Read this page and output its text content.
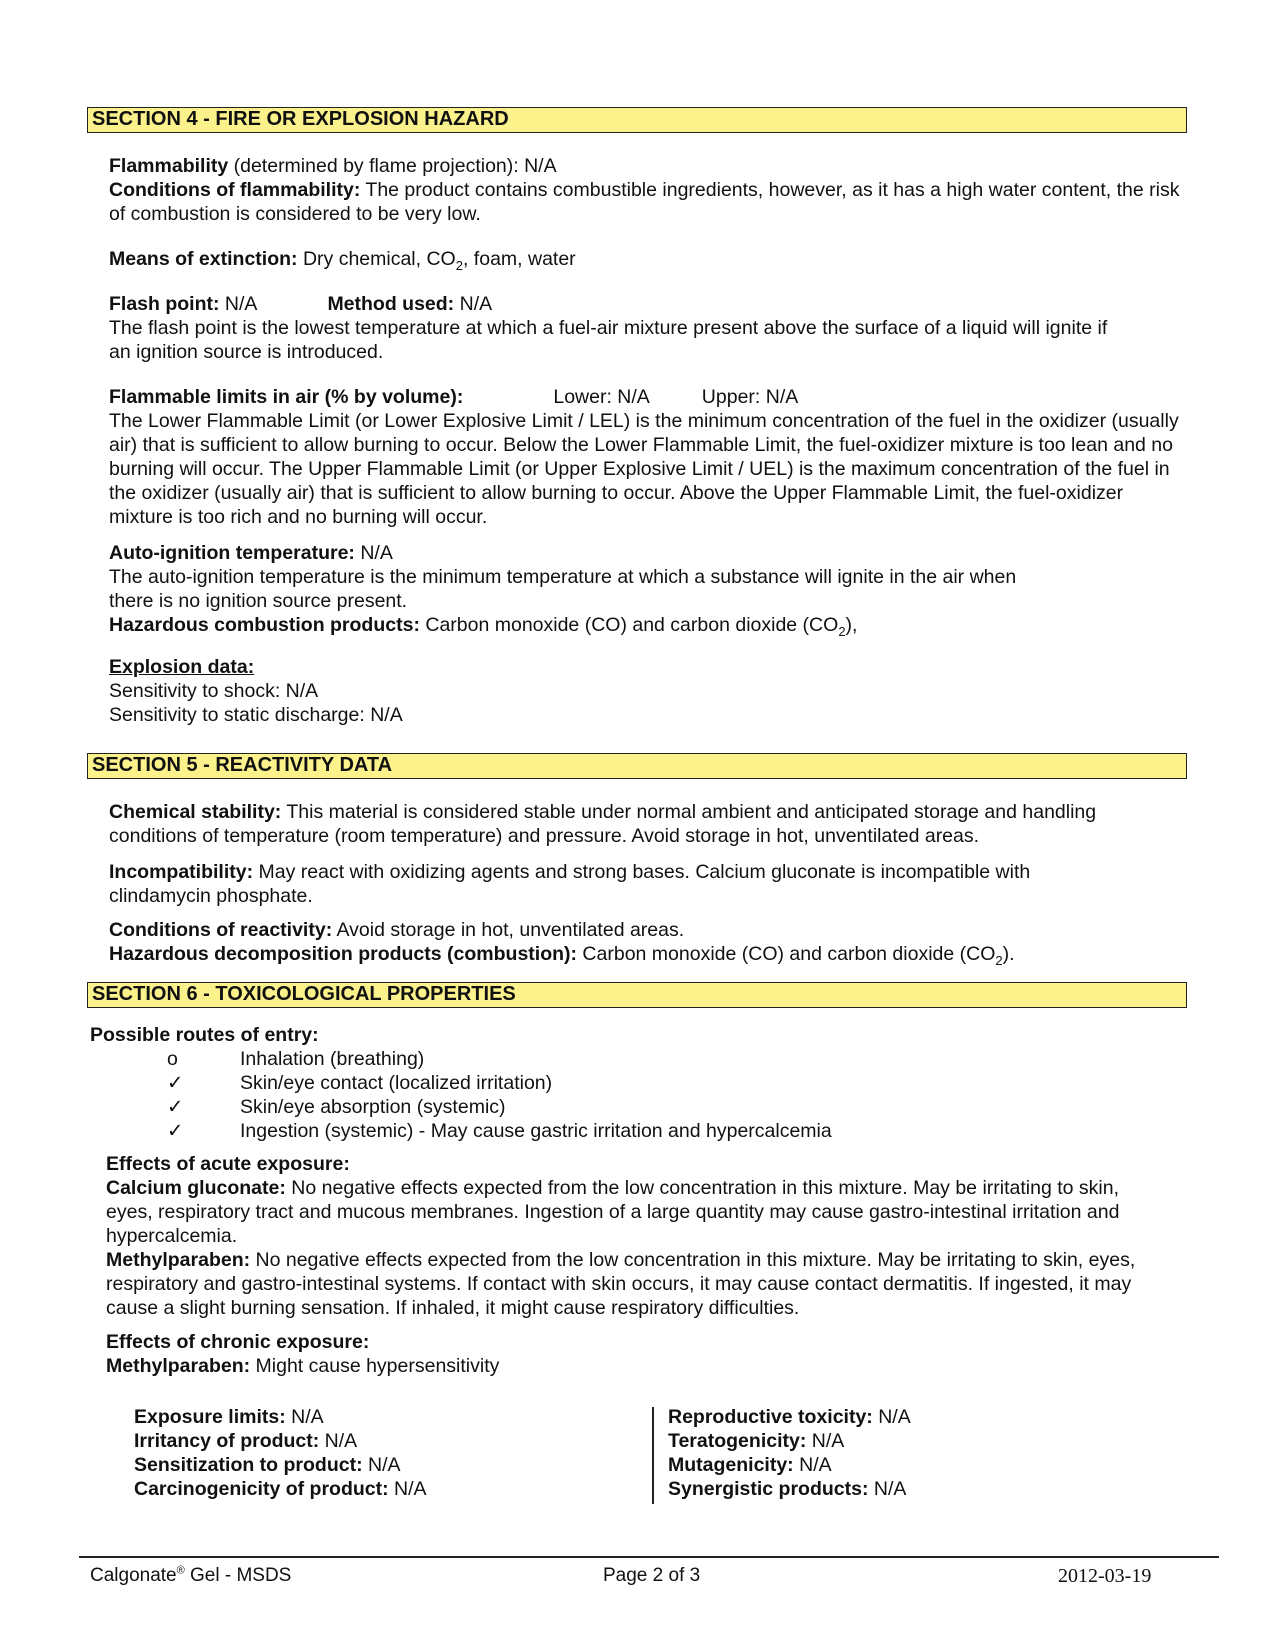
SECTION 4 - FIRE OR EXPLOSION HAZARD

Flammability (determined by flame projection): N/A

Conditions of flammability: The product contains combustible ingredients, however, as it has a high water content, the risk of combustion is considered to be very low.

Means of extinction: Dry chemical, $CO_2$, foam, water

Flash point: N/A	Method used: N/A

The flash point is the lowest temperature at which a fuel-air mixture present above the surface of a liquid will ignite if an ignition source is introduced.

Flammable limits in air (% by volume):	Lower: N/A	Upper: N/A

The Lower Flammable Limit (or Lower Explosive Limit / LEL) is the minimum concentration of the fuel in the oxidizer (usually air) that is sufficient to allow burning to occur. Below the Lower Flammable Limit, the fuel-oxidizer mixture is too lean and no burning will occur. The Upper Flammable Limit (or Upper Explosive Limit / UEL) is the maximum concentration of the fuel in the oxidizer (usually air) that is sufficient to allow burning to occur. Above the Upper Flammable Limit, the fuel-oxidizer mixture is too rich and no burning will occur.

Auto-ignition temperature: N/A

The auto-ignition temperature is the minimum temperature at which a substance will ignite in the air when there is no ignition source present.

Hazardous combustion products: Carbon monoxide (CO) and carbon dioxide $(CO_2)$,

Explosion data:

Sensitivity to shock: N/A

Sensitivity to static discharge: N/A

SECTION 5 - REACTIVITY DATA

Chemical stability: This material is considered stable under normal ambient and anticipated storage and handling conditions of temperature (room temperature) and pressure. Avoid storage in hot, unventilated areas.

Incompatibility: May react with oxidizing agents and strong bases. Calcium gluconate is incompatible with clindamycin phosphate.

Conditions of reactivity: Avoid storage in hot, unventilated areas.

Hazardous decomposition products (combustion): Carbon monoxide (CO) and carbon dioxide $(CO_2)$.

SECTION 6 - TOXICOLOGICAL PROPERTIES
Possible routes of entry:
o	Inhalation (breathing)
✓	Skin/eye contact (localized irritation)
✓	Skin/eye absorption (systemic)
✓	Ingestion (systemic) - May cause gastric irritation and hypercalcemia

Effects of acute exposure:

Calcium gluconate: No negative effects expected from the low concentration in this mixture. May be irritating to skin, eyes, respiratory tract and mucous membranes. Ingestion of a large quantity may cause gastro-intestinal irritation and hypercalcemia.

Methylparaben: No negative effects expected from the low concentration in this mixture. May be irritating to skin, eyes, respiratory and gastro-intestinal systems. If contact with skin occurs, it may cause contact dermatitis. If ingested, it may cause a slight burning sensation. If inhaled, it might cause respiratory difficulties.

Effects of chronic exposure:

Methylparaben: Might cause hypersensitivity

Exposure limits: N/A
Irritancy of product: N/A
Sensitization to product: N/A
Carcinogenicity of product: N/A
Reproductive toxicity: N/A
Teratogenicity: N/A
Mutagenicity: N/A
Synergistic products: N/A
Calgonate® Gel - MSDS	Page 2 of 3	2012-03-19
